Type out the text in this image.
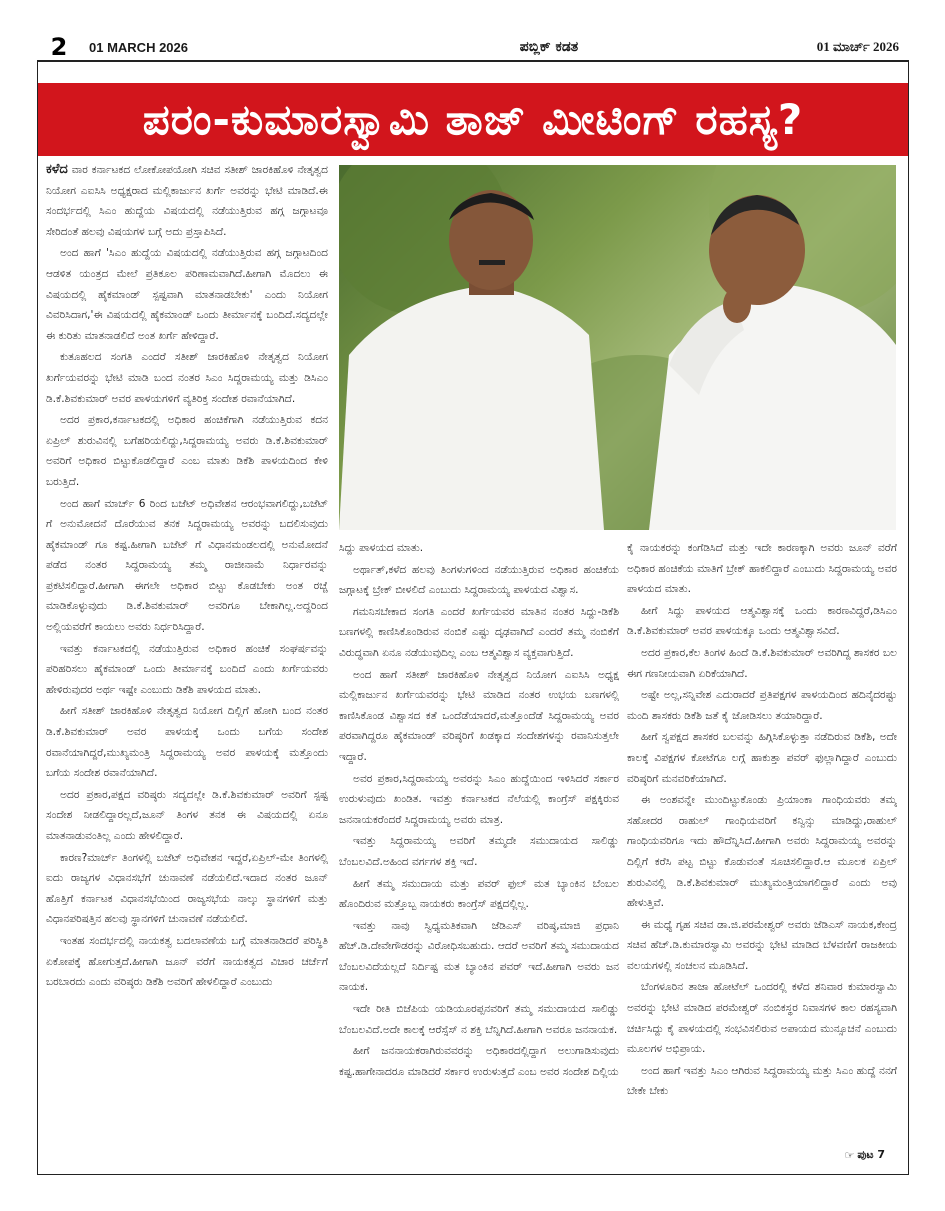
2	01 MARCH 2026	ಪಬ್ಲಿಕ್ ಕಡತ	01 ಮಾರ್ಚ್ 2026
ಪರಂ-ಕುಮಾರಸ್ವಾಮಿ ತಾಜ್ ಮೀಟಿಂಗ್ ರಹಸ್ಯ?

ಕಳೆದ ವಾರ ಕರ್ನಾಟಕದ ಲೋಕೋಪಯೋಗಿ ಸಚಿವ ಸತೀಶ್ ಜಾರಕಿಹೊಳಿ ನೇತೃತ್ವದ ನಿಯೋಗ ಎಐಸಿಸಿ ಅಧ್ಯಕ್ಷರಾದ ಮಲ್ಲಿಕಾರ್ಜುನ ಖರ್ಗೆ ಅವರನ್ನು ಭೇಟಿ ಮಾಡಿದೆ.ಈ ಸಂದರ್ಭದಲ್ಲಿ ಸಿಎಂ ಹುದ್ದೆಯ ವಿಷಯದಲ್ಲಿ ನಡೆಯುತ್ತಿರುವ ಹಗ್ಗ ಜಗ್ಗಾಟವೂ ಸೇರಿದಂತೆ ಹಲವು ವಿಷಯಗಳ ಬಗ್ಗೆ ಅದು ಪ್ರಸ್ತಾಪಿಸಿದೆ.

ಅಂದ ಹಾಗೆ 'ಸಿಎಂ ಹುದ್ದೆಯ ವಿಷಯದಲ್ಲಿ ನಡೆಯುತ್ತಿರುವ ಹಗ್ಗ ಜಗ್ಗಾಟದಿಂದ ಆಡಳಿತ ಯಂತ್ರದ ಮೇಲೆ ಪ್ರತಿಕೂಲ ಪರಿಣಾಮವಾಗಿದೆ.ಹೀಗಾಗಿ ಮೊದಲು ಈ ವಿಷಯದಲ್ಲಿ ಹೈಕಮಾಂಡ್ ಸ್ಪಷ್ಟವಾಗಿ ಮಾತನಾಡಬೇಕು' ಎಂದು ನಿಯೋಗ ವಿವರಿಸಿದಾಗ,'ಈ ವಿಷಯದಲ್ಲಿ ಹೈಕಮಾಂಡ್ ಒಂದು ತೀರ್ಮಾನಕ್ಕೆ ಬಂದಿದೆ.ಸದ್ಯದಲ್ಲೇ ಈ ಕುರಿತು ಮಾತನಾಡಲಿದೆ ಅಂತ ಖರ್ಗೆ ಹೇಳಿದ್ದಾರೆ.

ಕುತೂಹಲದ ಸಂಗತಿ ಎಂದರೆ ಸತೀಶ್ ಜಾರಕಿಹೊಳಿ ನೇತೃತ್ವದ ನಿಯೋಗ ಖರ್ಗೆಯವರನ್ನು ಭೇಟಿ ಮಾಡಿ ಬಂದ ನಂತರ ಸಿಎಂ ಸಿದ್ದರಾಮಯ್ಯ ಮತ್ತು ಡಿಸಿಎಂ ಡಿ.ಕೆ.ಶಿವಕುಮಾರ್ ಅವರ ಪಾಳಯಗಳಿಗೆ ವ್ಯತಿರಿಕ್ತ ಸಂದೇಶ ರವಾನೆಯಾಗಿದೆ.

ಅದರ ಪ್ರಕಾರ,ಕರ್ನಾಟಕದಲ್ಲಿ ಅಧಿಕಾರ ಹಂಚಿಕೆಗಾಗಿ ನಡೆಯುತ್ತಿರುವ ಕದನ ಏಪ್ರಿಲ್ ಶುರುವಿನಲ್ಲಿ ಬಗೆಹರಿಯಲಿದ್ದು,ಸಿದ್ದರಾಮಯ್ಯ ಅವರು ಡಿ.ಕೆ.ಶಿವಕುಮಾರ್ ಅವರಿಗೆ ಅಧಿಕಾರ ಬಿಟ್ಟುಕೊಡಲಿದ್ದಾರೆ ಎಂಬ ಮಾತು ಡಿಕೆಶಿ ಪಾಳಯದಿಂದ ಕೇಳಿ ಬರುತ್ತಿದೆ.

ಅಂದ ಹಾಗೆ ಮಾರ್ಚ್ 6 ರಿಂದ ಬಜೆಟ್ ಅಧಿವೇಶನ ಆರಂಭವಾಗಲಿದ್ದು,ಬಜೆಟ್ ಗೆ ಅನುಮೋದನೆ ದೊರೆಯುವ ತನಕ ಸಿದ್ದರಾಮಯ್ಯ ಅವರನ್ನು ಬದಲಿಸುವುದು ಹೈಕಮಾಂಡ್ ಗೂ ಕಷ್ಟ.ಹೀಗಾಗಿ ಬಜೆಟ್ ಗೆ ವಿಧಾನಮಂಡಲದಲ್ಲಿ ಅನುಮೋದನೆ ಪಡೆದ ನಂತರ ಸಿದ್ದರಾಮಯ್ಯ ತಮ್ಮ ರಾಜೀನಾಮೆ ನಿರ್ಧಾರವನ್ನು ಪ್ರಕಟಿಸಲಿದ್ದಾರೆ.ಹೀಗಾಗಿ ಈಗಲೇ ಅಧಿಕಾರ ಬಿಟ್ಟು ಕೊಡಬೇಕು ಅಂತ ರಚ್ಚೆ ಮಾಡಿಕೊಳ್ಳುವುದು ಡಿ.ಕೆ.ಶಿವಕುಮಾರ್ ಅವರಿಗೂ ಬೇಕಾಗಿಲ್ಲ.ಅದ್ದರಿಂದ ಅಲ್ಲಿಯವರೆಗೆ ಕಾಯಲು ಅವರು ನಿರ್ಧರಿಸಿದ್ದಾರೆ.

ಇವತ್ತು ಕರ್ನಾಟಕದಲ್ಲಿ ನಡೆಯುತ್ತಿರುವ ಅಧಿಕಾರ ಹಂಚಿಕೆ ಸಂಘರ್ಷವನ್ನು ಪರಿಹರಿಸಲು ಹೈಕಮಾಂಡ್ ಒಂದು ತೀರ್ಮಾನಕ್ಕೆ ಬಂದಿದೆ ಎಂದು ಖರ್ಗೆಯವರು ಹೇಳಿರುವುದರ ಅರ್ಥ ಇಷ್ಟೇ ಎಂಬುದು ಡಿಕೆಶಿ ಪಾಳಯದ ಮಾತು.

ಹೀಗೆ ಸತೀಶ್ ಜಾರಕಿಹೊಳಿ ನೇತೃತ್ವದ ನಿಯೋಗ ದಿಲ್ಲಿಗೆ ಹೋಗಿ ಬಂದ ನಂತರ ಡಿ.ಕೆ.ಶಿವಕುಮಾರ್ ಅವರ ಪಾಳಯಕ್ಕೆ ಒಂದು ಬಗೆಯ ಸಂದೇಶ ರವಾನೆಯಾಗಿದ್ದರೆ,ಮುಖ್ಯಮಂತ್ರಿ ಸಿದ್ದರಾಮಯ್ಯ ಅವರ ಪಾಳಯಕ್ಕೆ ಮತ್ತೊಂದು ಬಗೆಯ ಸಂದೇಶ ರವಾನೆಯಾಗಿದೆ.

ಅದರ ಪ್ರಕಾರ,ಪಕ್ಷದ ವರಿಷ್ಠರು ಸದ್ಯದಲ್ಲೇ ಡಿ.ಕೆ.ಶಿವಕುಮಾರ್ ಅವರಿಗೆ ಸ್ಪಷ್ಟ ಸಂದೇಶ ನೀಡಲಿದ್ದಾರಲ್ಲದೆ,ಜೂನ್ ತಿಂಗಳ ತನಕ ಈ ವಿಷಯದಲ್ಲಿ ಏನೂ ಮಾತನಾಡುವಂತಿಲ್ಲ ಎಂದು ಹೇಳಲಿದ್ದಾರೆ.

ಕಾರಣ?ಮಾರ್ಚ್ ತಿಂಗಳಲ್ಲಿ ಬಜೆಟ್ ಅಧಿವೇಶನ ಇದ್ದರೆ,ಏಪ್ರಿಲ್-ಮೇ ತಿಂಗಳಲ್ಲಿ ಐದು ರಾಜ್ಯಗಳ ವಿಧಾನಸಭೆಗೆ ಚುನಾವಣೆ ನಡೆಯಲಿದೆ.ಇದಾದ ನಂತರ ಜೂನ್ ಹೊತ್ತಿಗೆ ಕರ್ನಾಟಕ ವಿಧಾನಸಭೆಯಿಂದ ರಾಜ್ಯಸಭೆಯ ನಾಲ್ಕು ಸ್ಥಾನಗಳಿಗೆ ಮತ್ತು ವಿಧಾನಪರಿಷತ್ತಿನ ಹಲವು ಸ್ಥಾನಗಳಿಗೆ ಚುನಾವಣೆ ನಡೆಯಲಿದೆ.

ಇಂತಹ ಸಂದರ್ಭದಲ್ಲಿ ನಾಯಕತ್ವ ಬದಲಾವಣೆಯ ಬಗ್ಗೆ ಮಾತನಾಡಿದರೆ ಪರಿಸ್ಥಿತಿ ಏಕೋಪಕ್ಕೆ ಹೋಗುತ್ತದೆ.ಹೀಗಾಗಿ ಜೂನ್ ವರೆಗೆ ನಾಯಕತ್ವದ ವಿಚಾರ ಚರ್ಚೆಗೆ ಬರಬಾರದು ಎಂದು ವರಿಷ್ಠರು ಡಿಕೆಶಿ ಅವರಿಗೆ ಹೇಳಲಿದ್ದಾರೆ ಎಂಬುದು

ಸಿದ್ದು ಪಾಳಯದ ಮಾತು.

ಅರ್ಥಾತ್,ಕಳೆದ ಹಲವು ತಿಂಗಳುಗಳಿಂದ ನಡೆಯುತ್ತಿರುವ ಅಧಿಕಾರ ಹಂಚಿಕೆಯ ಜಗ್ಗಾಟಕ್ಕೆ ಬ್ರೇಕ್ ಬೀಳಲಿದೆ ಎಂಬುದು ಸಿದ್ದರಾಮಯ್ಯ ಪಾಳಯದ ವಿಶ್ವಾಸ.

ಗಮನಿಸಬೇಕಾದ ಸಂಗತಿ ಎಂದರೆ ಖರ್ಗೆಯವರ ಮಾತಿನ ನಂತರ ಸಿದ್ದು-ಡಿಕೆಶಿ ಬಣಗಳಲ್ಲಿ ಕಾಣಿಸಿಕೊಂಡಿರುವ ನಂಬಿಕೆ ಎಷ್ಟು ದೃಢವಾಗಿದೆ ಎಂದರೆ ತಮ್ಮ ನಂಬಿಕೆಗೆ ವಿರುದ್ಧವಾಗಿ ಏನೂ ನಡೆಯುವುದಿಲ್ಲ ಎಂಬ ಆತ್ಮವಿಶ್ವಾಸ ವ್ಯಕ್ತವಾಗುತ್ತಿದೆ.

ಅಂದ ಹಾಗೆ ಸತೀಶ್ ಜಾರಕಿಹೊಳಿ ನೇತೃತ್ವದ ನಿಯೋಗ ಎಐಸಿಸಿ ಅಧ್ಯಕ್ಷ ಮಲ್ಲಿಕಾರ್ಜುನ ಖರ್ಗೆಯವರನ್ನು ಭೇಟಿ ಮಾಡಿದ ನಂತರ ಉಭಯ ಬಣಗಳಲ್ಲಿ ಕಾಣಿಸಿಕೊಂಡ ವಿಶ್ವಾಸದ ಕತೆ ಒಂದೆಡೆಯಾದರೆ,ಮತ್ತೊಂದೆಡೆ ಸಿದ್ದರಾಮಯ್ಯ ಅವರ ಪರವಾಗಿದ್ದರೂ ಹೈಕಮಾಂಡ್ ವರಿಷ್ಠರಿಗೆ ಖಡಕ್ಕಾದ ಸಂದೇಶಗಳನ್ನು ರವಾನಿಸುತ್ತಲೇ ಇದ್ದಾರೆ.

ಅವರ ಪ್ರಕಾರ,ಸಿದ್ದರಾಮಯ್ಯ ಅವರನ್ನು ಸಿಎಂ ಹುದ್ದೆಯಿಂದ ಇಳಿಸಿದರೆ ಸರ್ಕಾರ ಉರುಳುವುದು ಖಂಡಿತ. ಇವತ್ತು ಕರ್ನಾಟಕದ ನೆಲೆಯಲ್ಲಿ ಕಾಂಗ್ರೆಸ್ ಪಕ್ಷಕ್ಕಿರುವ ಜನನಾಯಕರೆಂದರೆ ಸಿದ್ದರಾಮಯ್ಯ ಅವರು ಮಾತ್ರ.

ಇವತ್ತು ಸಿದ್ದರಾಮಯ್ಯ ಅವರಿಗೆ ತಮ್ಮದೇ ಸಮುದಾಯದ ಸಾಲಿಡ್ಡು ಬೆಂಬಲವಿದೆ.ಅಹಿಂದ ವರ್ಗಗಳ ಶಕ್ತಿ ಇದೆ.

ಹೀಗೆ ತಮ್ಮ ಸಮುದಾಯ ಮತ್ತು ಪವರ್ ಫುಲ್ ಮತ ಬ್ಯಾಂಕಿನ ಬೆಂಬಲ ಹೊಂದಿರುವ ಮತ್ತೊಬ್ಬ ನಾಯಕರು ಕಾಂಗ್ರೆಸ್ ಪಕ್ಷದಲ್ಲಿಲ್ಲ.

ಇವತ್ತು ನಾವು ಸ್ವಿಧ್ಯಮತಿಕವಾಗಿ ಜೆಡಿಎಸ್ ವರಿಷ್ಠ,ಮಾಜಿ ಪ್ರಧಾನಿ ಹೆಚ್.ಡಿ.ದೇವೇಗೌಡರನ್ನು ವಿರೋಧಿಸಬಹುದು. ಆದರೆ ಅವರಿಗೆ ತಮ್ಮ ಸಮುದಾಯದ ಬೆಂಬಲವಿದೆಯಲ್ಲದೆ ನಿರ್ದಿಷ್ಟ ಮತ ಬ್ಯಾಂಕಿನ ಪವರ್ ಇದೆ.ಹೀಗಾಗಿ ಅವರು ಜನ ನಾಯಕ.

ಇದೇ ರೀತಿ ಬಿಜೆಪಿಯ ಯಡಿಯೂರಪ್ಪನವರಿಗೆ ತಮ್ಮ ಸಮುದಾಯದ ಸಾಲಿಡ್ಡು ಬೆಂಬಲವಿದೆ.ಅದೇ ಕಾಲಕ್ಕೆ ಆರೆಸ್ಸೆಸ್ ನ ಶಕ್ತಿ ಬೆನ್ನಿಗಿದೆ.ಹೀಗಾಗಿ ಅವರೂ ಜನನಾಯಕ.

ಹೀಗೆ ಜನನಾಯಕರಾಗಿರುವವರನ್ನು ಅಧಿಕಾರದಲ್ಲಿದ್ದಾಗ ಅಲುಗಾಡಿಸುವುದು ಕಷ್ಟ.ಹಾಗೇನಾದರೂ ಮಾಡಿದರೆ ಸರ್ಕಾರ ಉರುಳುತ್ತದೆ ಎಂಬ ಅವರ ಸಂದೇಶ ದಿಲ್ಲಿಯ

ಕೈ ನಾಯಕರನ್ನು ಕಂಗೆಡಿಸಿದೆ ಮತ್ತು ಇದೇ ಕಾರಣಕ್ಕಾಗಿ ಅವರು ಜೂನ್ ವರೆಗೆ ಅಧಿಕಾರ ಹಂಚಿಕೆಯ ಮಾತಿಗೆ ಬ್ರೇಕ್ ಹಾಕಲಿದ್ದಾರೆ ಎಂಬುದು ಸಿದ್ದರಾಮಯ್ಯ ಅವರ ಪಾಳಯದ ಮಾತು.

ಹೀಗೆ ಸಿದ್ದು ಪಾಳಯದ ಆತ್ಮವಿಶ್ವಾಸಕ್ಕೆ ಒಂದು ಕಾರಣವಿದ್ದರೆ,ಡಿಸಿಎಂ ಡಿ.ಕೆ.ಶಿವಕುಮಾರ್ ಅವರ ಪಾಳಯಕ್ಕೂ ಒಂದು ಆತ್ಮವಿಶ್ವಾಸವಿದೆ.

ಅದರ ಪ್ರಕಾರ,ಕೆಲ ತಿಂಗಳ ಹಿಂದೆ ಡಿ.ಕೆ.ಶಿವಕುಮಾರ್ ಅವರಿಗಿದ್ದ ಶಾಸಕರ ಬಲ ಈಗ ಗಣನೀಯವಾಗಿ ಏರಿಕೆಯಾಗಿದೆ.

ಅಷ್ಟೇ ಅಲ್ಲ,ಸನ್ನಿವೇಶ ಎದುರಾದರೆ ಪ್ರತಿಪಕ್ಷಗಳ ಪಾಳಯದಿಂದ ಹದಿನೈದರಷ್ಟು ಮಂದಿ ಶಾಸಕರು ಡಿಕೆಶಿ ಜತೆ ಕೈ ಜೋಡಿಸಲು ತಯಾರಿದ್ದಾರೆ.

ಹೀಗೆ ಸ್ವಪಕ್ಷದ ಶಾಸಕರ ಬಲವನ್ನು ಹಿಗ್ಗಿಸಿಕೊಳ್ಳುತ್ತಾ ನಡೆದಿರುವ ಡಿಕೆಶಿ, ಅದೇ ಕಾಲಕ್ಕೆ ವಿಪಕ್ಷಗಳ ಕೋಟೆಗೂ ಲಗ್ಗೆ ಹಾಕುತ್ತಾ ಪವರ್ ಫುಲ್ಲಾಗಿದ್ದಾರೆ ಎಂಬುದು ವರಿಷ್ಠರಿಗೆ ಮನವರಿಕೆಯಾಗಿದೆ.

ಈ ಅಂಶವನ್ನೇ ಮುಂದಿಟ್ಟುಕೊಂಡು ಪ್ರಿಯಾಂಕಾ ಗಾಂಧಿಯವರು ತಮ್ಮ ಸಹೋದರ ರಾಹುಲ್ ಗಾಂಧಿಯವರಿಗೆ ಕನ್ವಿನ್ಸು ಮಾಡಿದ್ದು,ರಾಹುಲ್ ಗಾಂಧಿಯವರಿಗೂ ಇದು ಹೌದೆನ್ನಿಸಿದೆ.ಹೀಗಾಗಿ ಅವರು ಸಿದ್ದರಾಮಯ್ಯ ಅವರನ್ನು ದಿಲ್ಲಿಗೆ ಕರೆಸಿ ಪಟ್ಟ ಬಿಟ್ಟು ಕೊಡುವಂತೆ ಸೂಚಿಸಲಿದ್ದಾರೆ.ಆ ಮೂಲಕ ಏಪ್ರಿಲ್ ಶುರುವಿನಲ್ಲಿ ಡಿ.ಕೆ.ಶಿವಕುಮಾರ್ ಮುಖ್ಯಮಂತ್ರಿಯಾಗಲಿದ್ದಾರೆ ಎಂದು ಅವು ಹೇಳುತ್ತಿವೆ.

ಈ ಮಧ್ಯೆ ಗೃಹ ಸಚಿವ ಡಾ.ಜಿ.ಪರಮೇಶ್ವರ್ ಅವರು ಜೆಡಿಎಸ್ ನಾಯಕ,ಕೇಂದ್ರ ಸಚಿವ ಹೆಚ್.ಡಿ.ಕುಮಾರಸ್ವಾಮಿ ಅವರನ್ನು ಭೇಟಿ ಮಾಡಿದ ಬೆಳವಣಿಗೆ ರಾಜಕೀಯ ವಲಯಗಳಲ್ಲಿ ಸಂಚಲನ ಮೂಡಿಸಿದೆ.

ಬೆಂಗಳೂರಿನ ತಾಜಾ ಹೋಟೆಲ್ ಒಂದರಲ್ಲಿ ಕಳೆದ ಶನಿವಾರ ಕುಮಾರಸ್ವಾಮಿ ಅವರನ್ನು ಭೇಟಿ ಮಾಡಿದ ಪರಮೇಶ್ವರ್ ನಂಬಿಕಸ್ಥರ ನಿವಾಸಗಳ ಕಾಲ ರಹಸ್ಯವಾಗಿ ಚರ್ಚಿಸಿದ್ದು ಕೈ ಪಾಳಯದಲ್ಲಿ ಸಂಭವಿಸಲಿರುವ ಅಪಾಯದ ಮುನ್ಸೂಚನೆ ಎಂಬುದು ಮೂಲಗಳ ಅಭಿಪ್ರಾಯ.

ಅಂದ ಹಾಗೆ ಇವತ್ತು ಸಿಎಂ ಆಗಿರುವ ಸಿದ್ದರಾಮಯ್ಯ ಮತ್ತು ಸಿಎಂ ಹುದ್ದೆ ನನಗೆ ಬೇಕೇ ಬೇಕು

☞ ಪುಟ 7
